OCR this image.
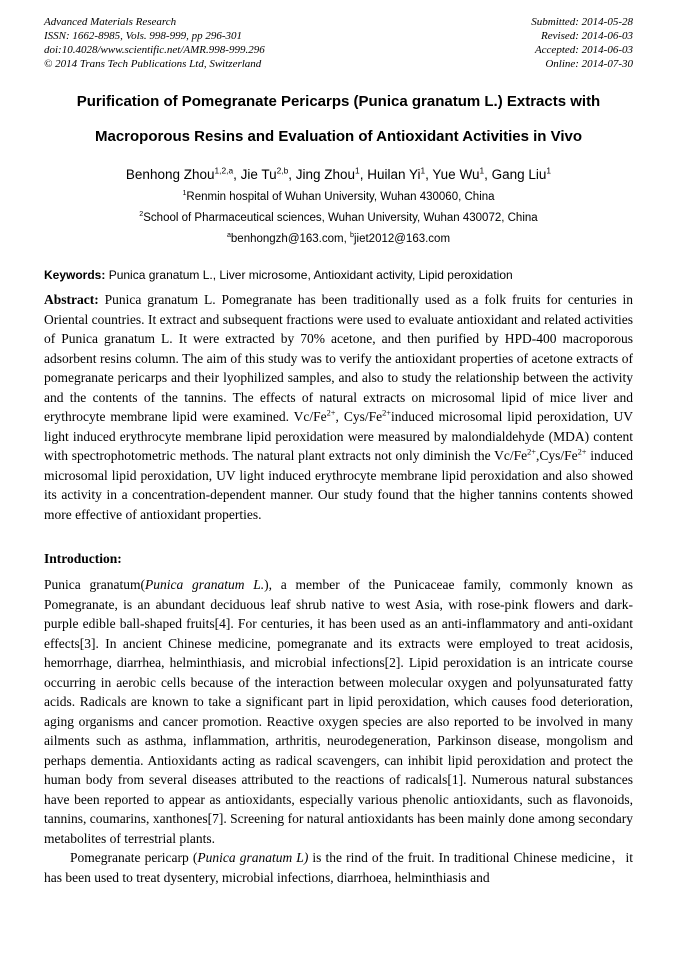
Advanced Materials Research
ISSN: 1662-8985, Vols. 998-999, pp 296-301
doi:10.4028/www.scientific.net/AMR.998-999.296
© 2014 Trans Tech Publications Ltd, Switzerland
Submitted: 2014-05-28
Revised: 2014-06-03
Accepted: 2014-06-03
Online: 2014-07-30
Purification of Pomegranate Pericarps (Punica granatum L.) Extracts with Macroporous Resins and Evaluation of Antioxidant Activities in Vivo
Benhong Zhou$^{1,2,a}$, Jie Tu$^{2,b}$, Jing Zhou$^1$, Huilan Yi$^1$, Yue Wu$^1$, Gang Liu$^1$
$^1$Renmin hospital of Wuhan University, Wuhan 430060, China
$^2$School of Pharmaceutical sciences, Wuhan University, Wuhan 430072, China
$^a$benhongzh@163.com, $^b$jiet2012@163.com
Keywords: Punica granatum L., Liver microsome, Antioxidant activity, Lipid peroxidation

Abstract: Punica granatum L. Pomegranate has been traditionally used as a folk fruits for centuries in Oriental countries. It extract and subsequent fractions were used to evaluate antioxidant and related activities of Punica granatum L. It were extracted by 70% acetone, and then purified by HPD-400 macroporous adsorbent resins column. The aim of this study was to verify the antioxidant properties of acetone extracts of pomegranate pericarps and their lyophilized samples, and also to study the relationship between the activity and the contents of the tannins. The effects of natural extracts on microsomal lipid of mice liver and erythrocyte membrane lipid were examined. $Vc/Fe^{2+}$, Cys/$Fe^{2+}induced$ microsomal lipid peroxidation, UV light induced erythrocyte membrane lipid peroxidation were measured by malondialdehyde (MDA) content with spectrophotometric methods. The natural plant extracts not only diminish the $Vc/Fe^{2+},Cys/Fe^{2+}$ induced microsomal lipid peroxidation, UV light induced erythrocyte membrane lipid peroxidation and also showed its activity in a concentration-dependent manner. Our study found that the higher tannins contents showed more effective of antioxidant properties.

Introduction:

Punica granatum(Punica granatum L.), a member of the Punicaceae family, commonly known as Pomegranate, is an abundant deciduous leaf shrub native to west Asia, with rose-pink flowers and dark-purple edible ball-shaped fruits[4]. For centuries, it has been used as an anti-inflammatory and anti-oxidant effects[3]. In ancient Chinese medicine, pomegranate and its extracts were employed to treat acidosis, hemorrhage, diarrhea, helminthiasis, and microbial infections[2]. Lipid peroxidation is an intricate course occurring in aerobic cells because of the interaction between molecular oxygen and polyunsaturated fatty acids. Radicals are known to take a significant part in lipid peroxidation, which causes food deterioration, aging organisms and cancer promotion. Reactive oxygen species are also reported to be involved in many ailments such as asthma, inflammation, arthritis, neurodegeneration, Parkinson disease, mongolism and perhaps dementia. Antioxidants acting as radical scavengers, can inhibit lipid peroxidation and protect the human body from several diseases attributed to the reactions of radicals[1]. Numerous natural substances have been reported to appear as antioxidants, especially various phenolic antioxidants, such as flavonoids, tannins, coumarins, xanthones[7]. Screening for natural antioxidants has been mainly done among secondary metabolites of terrestrial plants.

Pomegranate pericarp (Punica granatum L) is the rind of the fruit. In traditional Chinese medicine，it has been used to treat dysentery, microbial infections, diarrhoea, helminthiasis and
